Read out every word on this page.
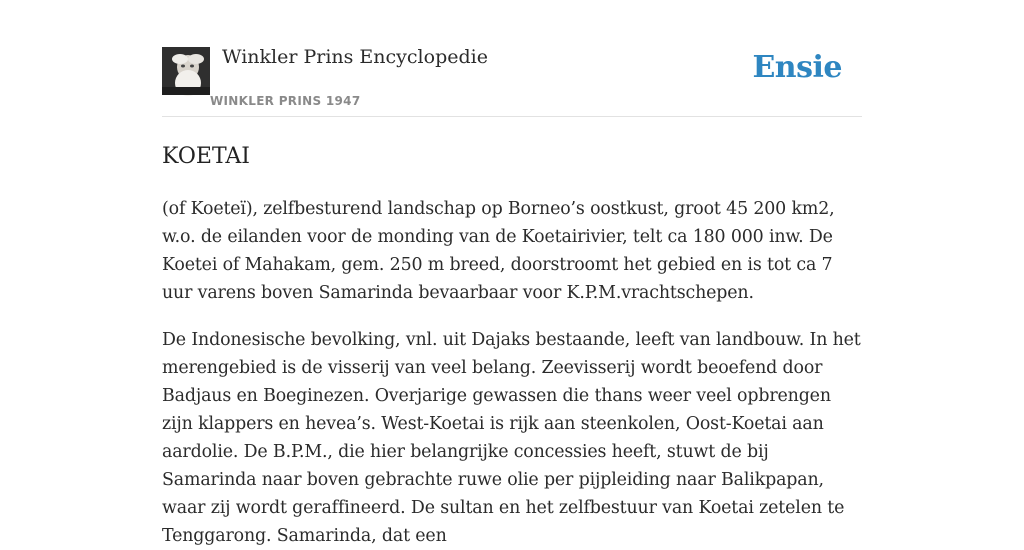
Winkler Prins Encyclopedie
WINKLER PRINS 1947
Ensie
KOETAI

(of Koeteï), zelfbesturend landschap op Borneo’s oostkust, groot 45 200 km2, w.o. de eilanden voor de monding van de Koetairivier, telt ca 180 000 inw. De Koetei of Mahakam, gem. 250 m breed, doorstroomt het gebied en is tot ca 7 uur varens boven Samarinda bevaarbaar voor K.P.M.vrachtschepen.

De Indonesische bevolking, vnl. uit Dajaks bestaande, leeft van landbouw. In het merengebied is de visserij van veel belang. Zeevisserij wordt beoefend door Badjaus en Boeginezen. Overjarige gewassen die thans weer veel opbrengen zijn klappers en hevea’s. West-Koetai is rijk aan steenkolen, Oost-Koetai aan aardolie. De B.P.M., die hier belangrijke concessies heeft, stuwt de bij Samarinda naar boven gebrachte ruwe olie per pijpleiding naar Balikpapan, waar zij wordt geraffineerd. De sultan en het zelfbestuur van Koetai zetelen te Tenggarong. Samarinda, dat een
